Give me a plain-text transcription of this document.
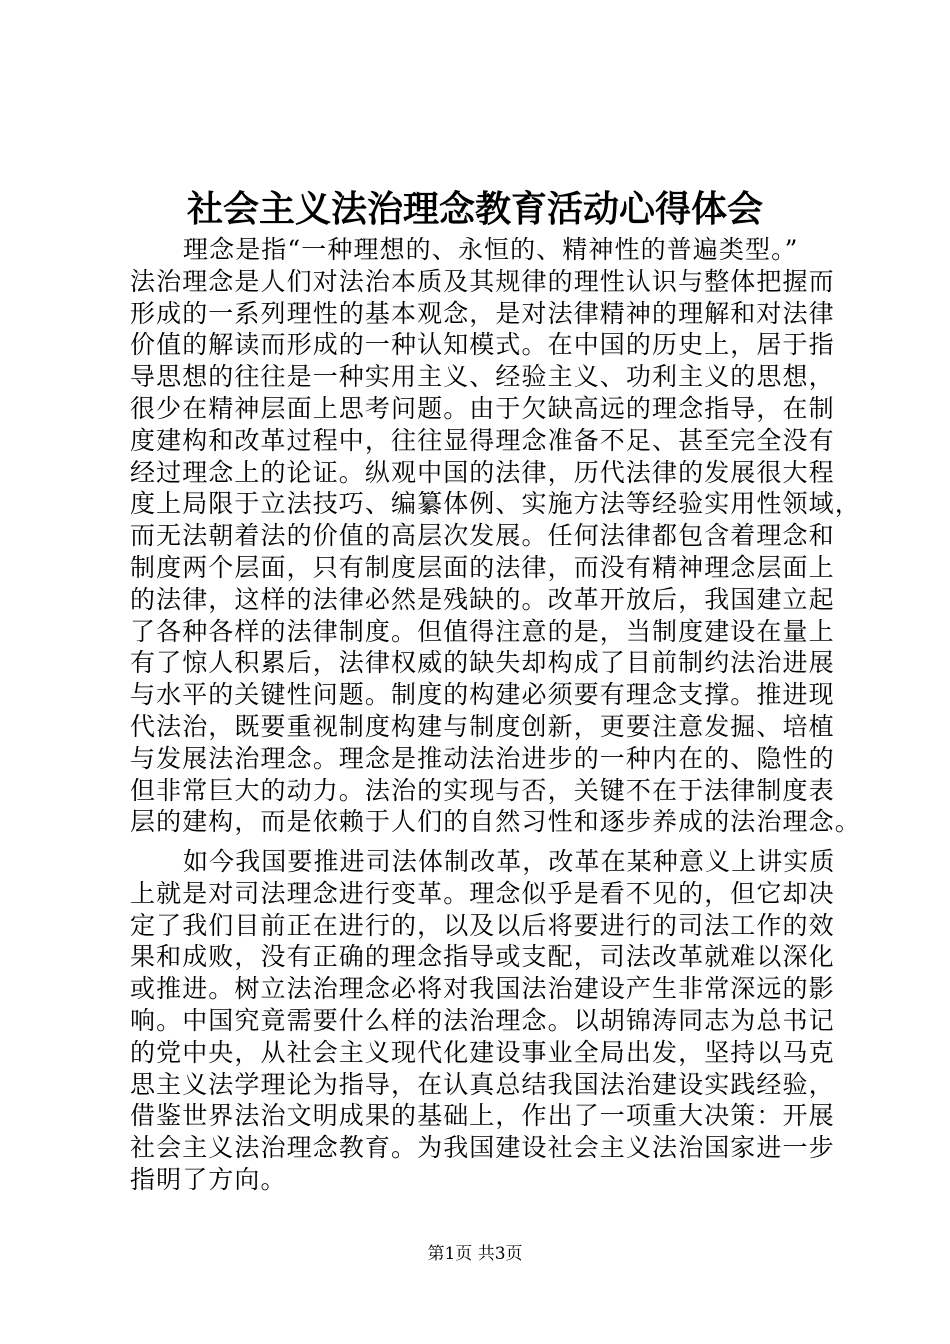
社会主义法治理念教育活动心得体会
理念是指“一种理想的、永恒的、精神性的普遍类型。”
法治理念是人们对法治本质及其规律的理性认识与整体把握而
形成的一系列理性的基本观念，是对法律精神的理解和对法律
价值的解读而形成的一种认知模式。在中国的历史上，居于指
导思想的往往是一种实用主义、经验主义、功利主义的思想，
很少在精神层面上思考问题。由于欠缺高远的理念指导，在制
度建构和改革过程中，往往显得理念准备不足、甚至完全没有
经过理念上的论证。纵观中国的法律，历代法律的发展很大程
度上局限于立法技巧、编纂体例、实施方法等经验实用性领域，
而无法朝着法的价值的高层次发展。任何法律都包含着理念和
制度两个层面，只有制度层面的法律，而没有精神理念层面上
的法律，这样的法律必然是残缺的。改革开放后，我国建立起
了各种各样的法律制度。但值得注意的是，当制度建设在量上
有了惊人积累后，法律权威的缺失却构成了目前制约法治进展
与水平的关键性问题。制度的构建必须要有理念支撑。推进现
代法治，既要重视制度构建与制度创新，更要注意发掘、培植
与发展法治理念。理念是推动法治进步的一种内在的、隐性的
但非常巨大的动力。法治的实现与否，关键不在于法律制度表
层的建构，而是依赖于人们的自然习性和逐步养成的法治理念。
如今我国要推进司法体制改革，改革在某种意义上讲实质
上就是对司法理念进行变革。理念似乎是看不见的，但它却决
定了我们目前正在进行的，以及以后将要进行的司法工作的效
果和成败，没有正确的理念指导或支配，司法改革就难以深化
或推进。树立法治理念必将对我国法治建设产生非常深远的影
响。中国究竟需要什么样的法治理念。以胡锦涛同志为总书记
的党中央，从社会主义现代化建设事业全局出发，坚持以马克
思主义法学理论为指导，在认真总结我国法治建设实践经验，
借鉴世界法治文明成果的基础上，作出了一项重大决策：开展
社会主义法治理念教育。为我国建设社会主义法治国家进一步
指明了方向。

第1页 共3页
